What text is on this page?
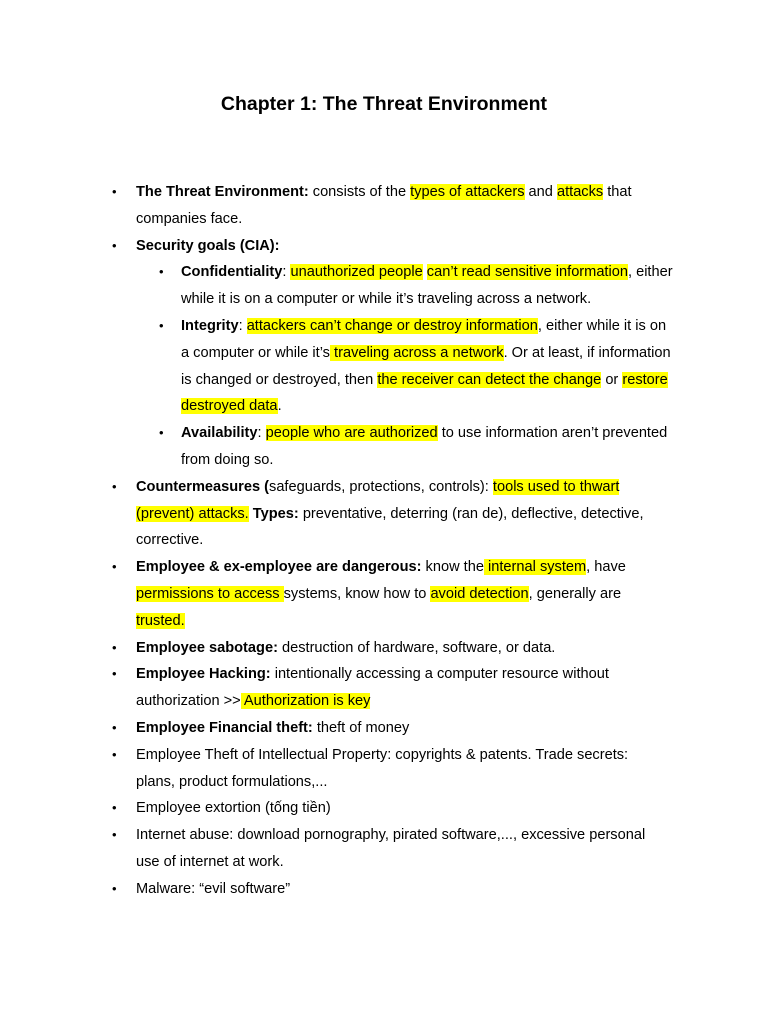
Chapter 1: The Threat Environment
• The Threat Environment: consists of the types of attackers and attacks that companies face.
• Security goals (CIA):
• Confidentiality: unauthorized people can’t read sensitive information, either while it is on a computer or while it’s traveling across a network.
• Integrity: attackers can’t change or destroy information, either while it is on a computer or while it’s traveling across a network. Or at least, if information is changed or destroyed, then the receiver can detect the change or restore destroyed data.
• Availability: people who are authorized to use information aren’t prevented from doing so.
• Countermeasures (safeguards, protections, controls): tools used to thwart (prevent) attacks. Types: preventative, deterring (ran de), deflective, detective, corrective.
• Employee & ex-employee are dangerous: know the internal system, have permissions to access systems, know how to avoid detection, generally are trusted.
• Employee sabotage: destruction of hardware, software, or data.
• Employee Hacking: intentionally accessing a computer resource without authorization >> Authorization is key
• Employee Financial theft: theft of money
• Employee Theft of Intellectual Property: copyrights & patents. Trade secrets: plans, product formulations,...
• Employee extortion (tống tiền)
• Internet abuse: download pornography, pirated software,..., excessive personal use of internet at work.
• Malware: “evil software”
